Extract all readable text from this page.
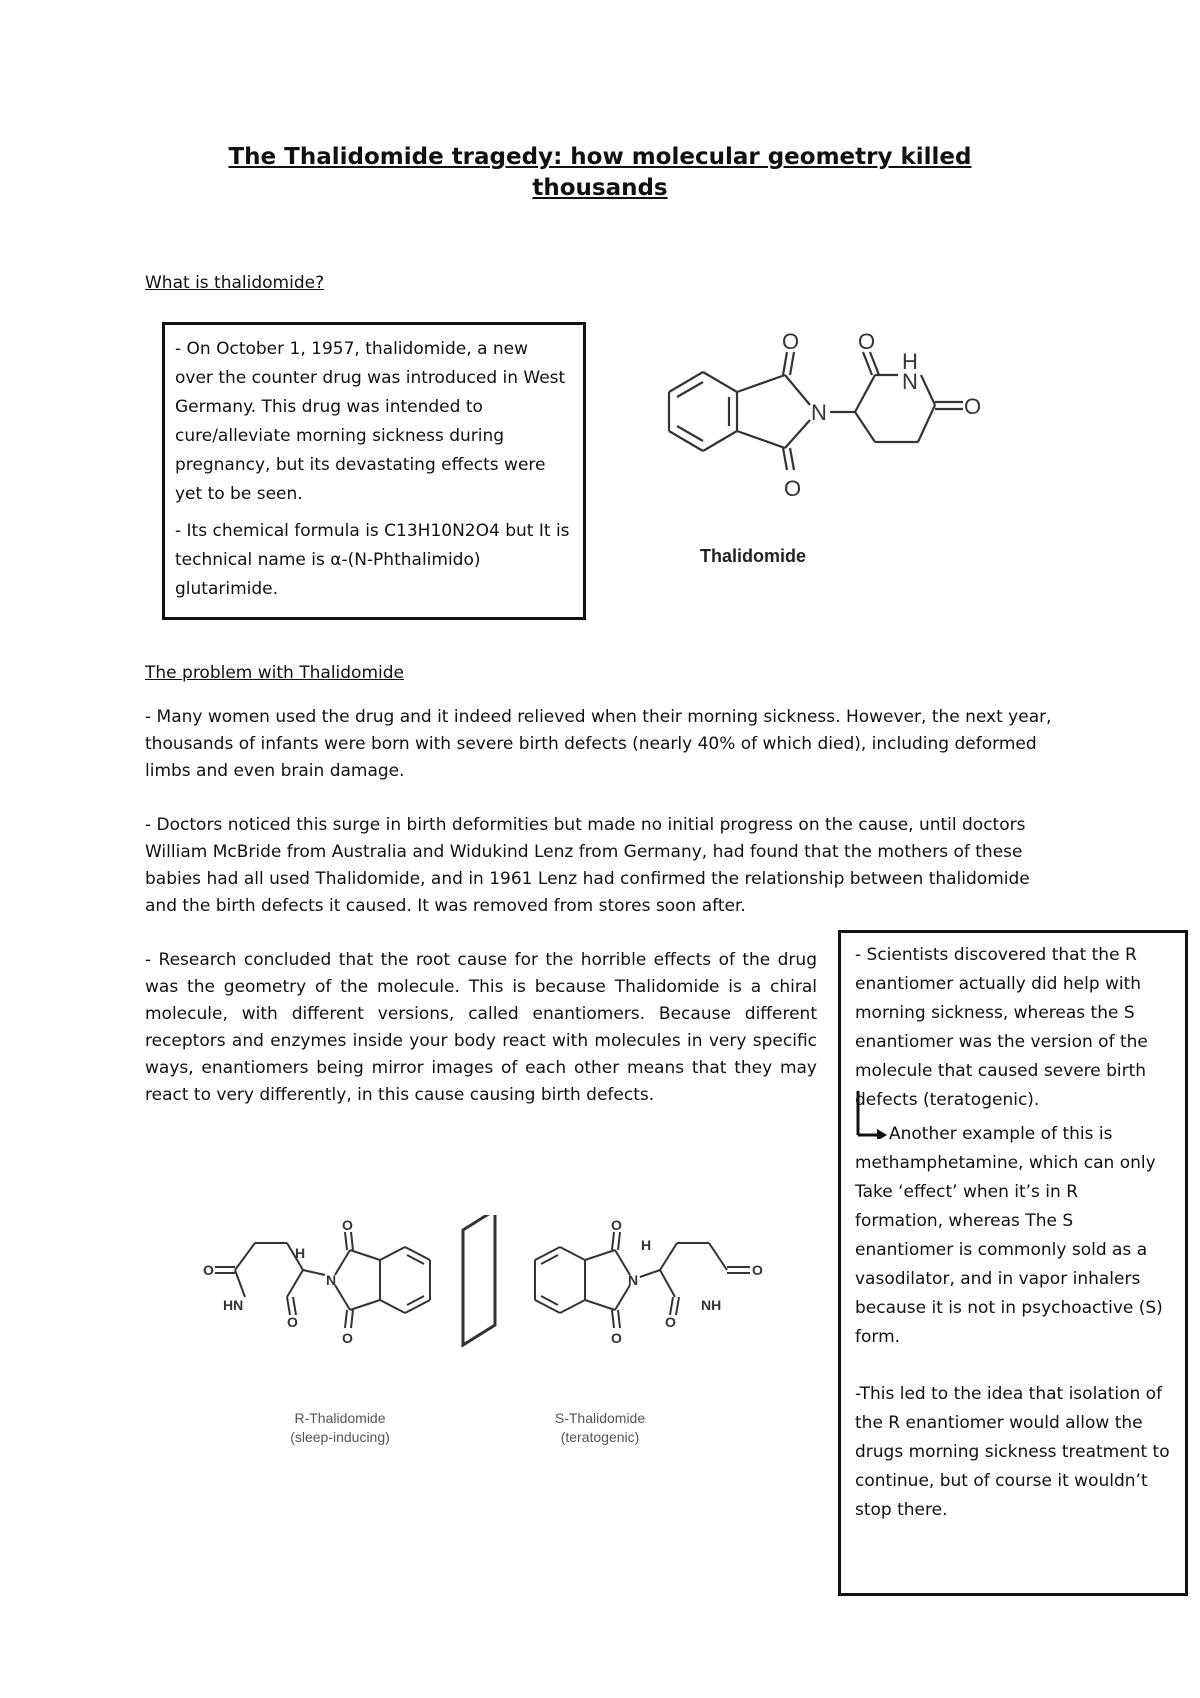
The Thalidomide tragedy: how molecular geometry killed
thousands
What is thalidomide?

- On October 1, 1957, thalidomide, a new over the counter drug was introduced in West Germany. This drug was intended to cure/alleviate morning sickness during pregnancy, but its devastating effects were yet to be seen.

- Its chemical formula is C13H10N2O4 but It is technical name is α-(N-Phthalimido) glutarimide.

O
O
N
O
H
N
O
Thalidomide
The problem with Thalidomide

- Many women used the drug and it indeed relieved when their morning sickness. However, the next year, thousands of infants were born with severe birth defects (nearly 40% of which died), including deformed limbs and even brain damage.

- Doctors noticed this surge in birth deformities but made no initial progress on the cause, until doctors William McBride from Australia and Widukind Lenz from Germany, had found that the mothers of these babies had all used Thalidomide, and in 1961 Lenz had confirmed the relationship between thalidomide and the birth defects it caused. It was removed from stores soon after.

- Research concluded that the root cause for the horrible effects of the drug was the geometry of the molecule. This is because Thalidomide is a chiral molecule, with different versions, called enantiomers. Because different receptors and enzymes inside your body react with molecules in very specific ways, enantiomers being mirror images of each other means that they may react to very differently, in this cause causing birth defects.

- Scientists discovered that the R enantiomer actually did help with morning sickness, whereas the S enantiomer was the version of the molecule that caused severe birth defects (teratogenic).

Another example of this is methamphetamine, which can only Take ‘effect’ when it’s in R formation, whereas The S enantiomer is commonly sold as a vasodilator, and in vapor inhalers because it is not in psychoactive (S) form.

-This led to the idea that isolation of the R enantiomer would allow the drugs morning sickness treatment to continue, but of course it wouldn’t stop there.

O
HN
O
H
N
O
O
O
O
N
H
O
NH
O
R-Thalidomide
(sleep-inducing)
S-Thalidomide
(teratogenic)
